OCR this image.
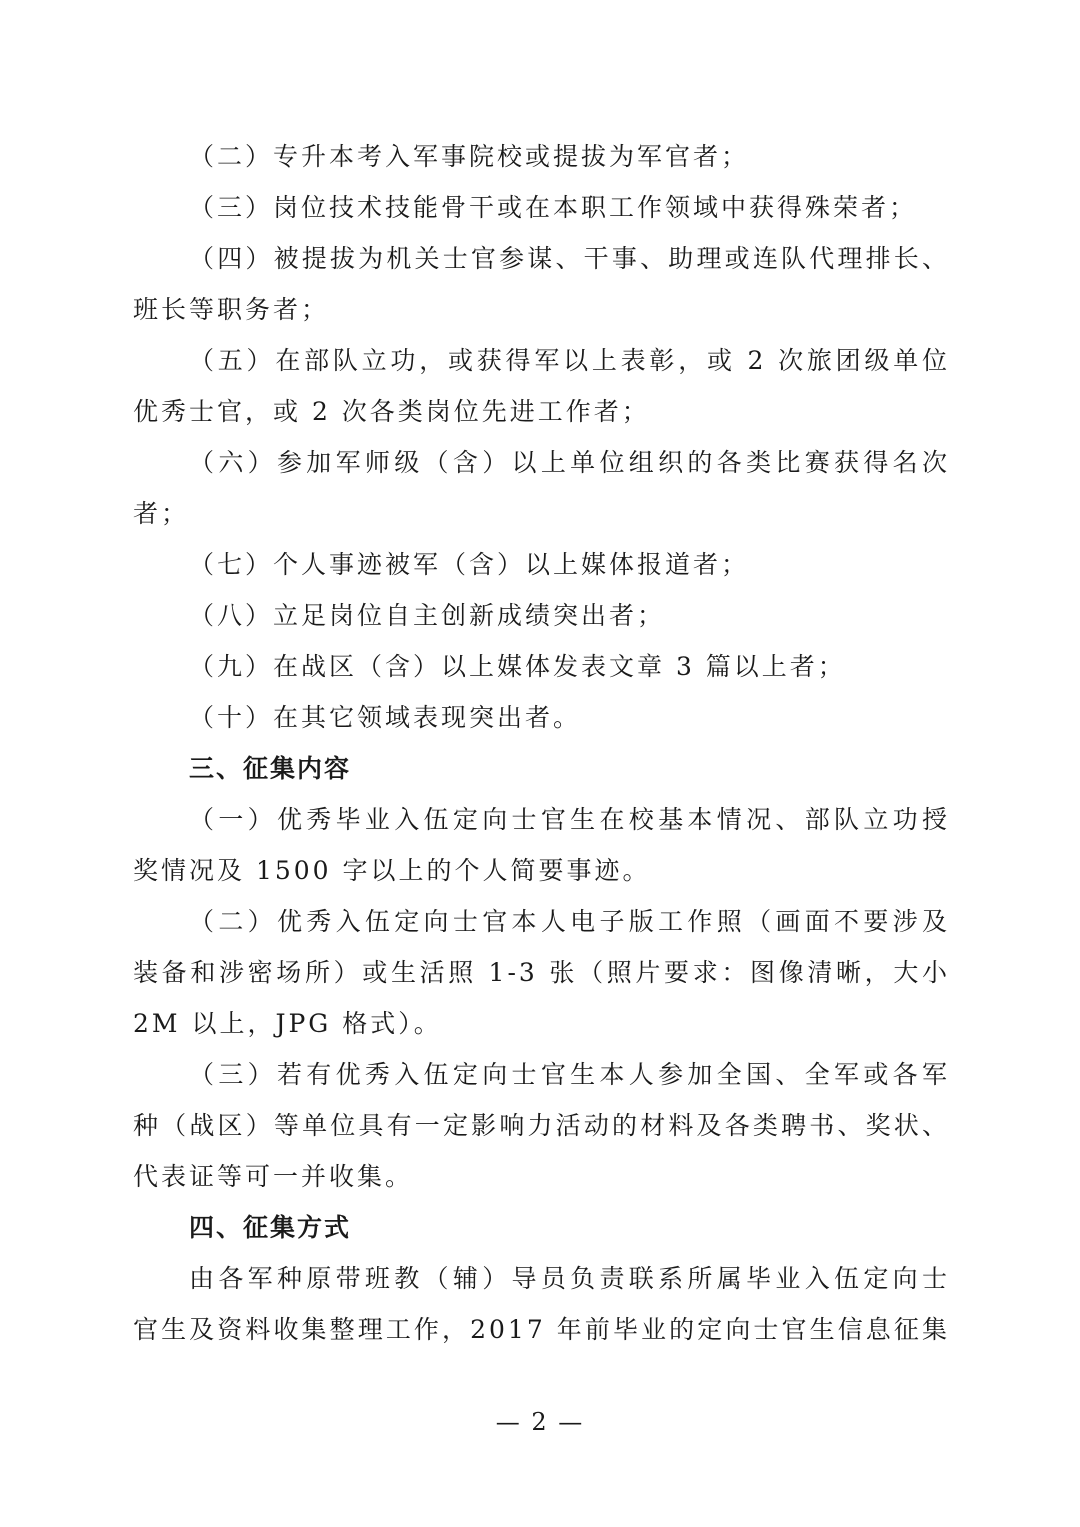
（二）专升本考入军事院校或提拔为军官者；
（三）岗位技术技能骨干或在本职工作领域中获得殊荣者；
（四）被提拔为机关士官参谋、干事、助理或连队代理排长、
班长等职务者；
（五）在部队立功，或获得军以上表彰，或 2 次旅团级单位
优秀士官，或 2 次各类岗位先进工作者；
（六）参加军师级（含）以上单位组织的各类比赛获得名次
者；
（七）个人事迹被军（含）以上媒体报道者；
（八）立足岗位自主创新成绩突出者；
（九）在战区（含）以上媒体发表文章 3 篇以上者；
（十）在其它领域表现突出者。
三、征集内容
（一）优秀毕业入伍定向士官生在校基本情况、部队立功授
奖情况及 1500 字以上的个人简要事迹。
（二）优秀入伍定向士官本人电子版工作照（画面不要涉及
装备和涉密场所）或生活照 1-3 张（照片要求：图像清晰，大小
2M 以上，JPG 格式）。
（三）若有优秀入伍定向士官生本人参加全国、全军或各军
种（战区）等单位具有一定影响力活动的材料及各类聘书、奖状、
代表证等可一并收集。
四、征集方式
由各军种原带班教（辅）导员负责联系所属毕业入伍定向士
官生及资料收集整理工作，2017 年前毕业的定向士官生信息征集
— 2 —
